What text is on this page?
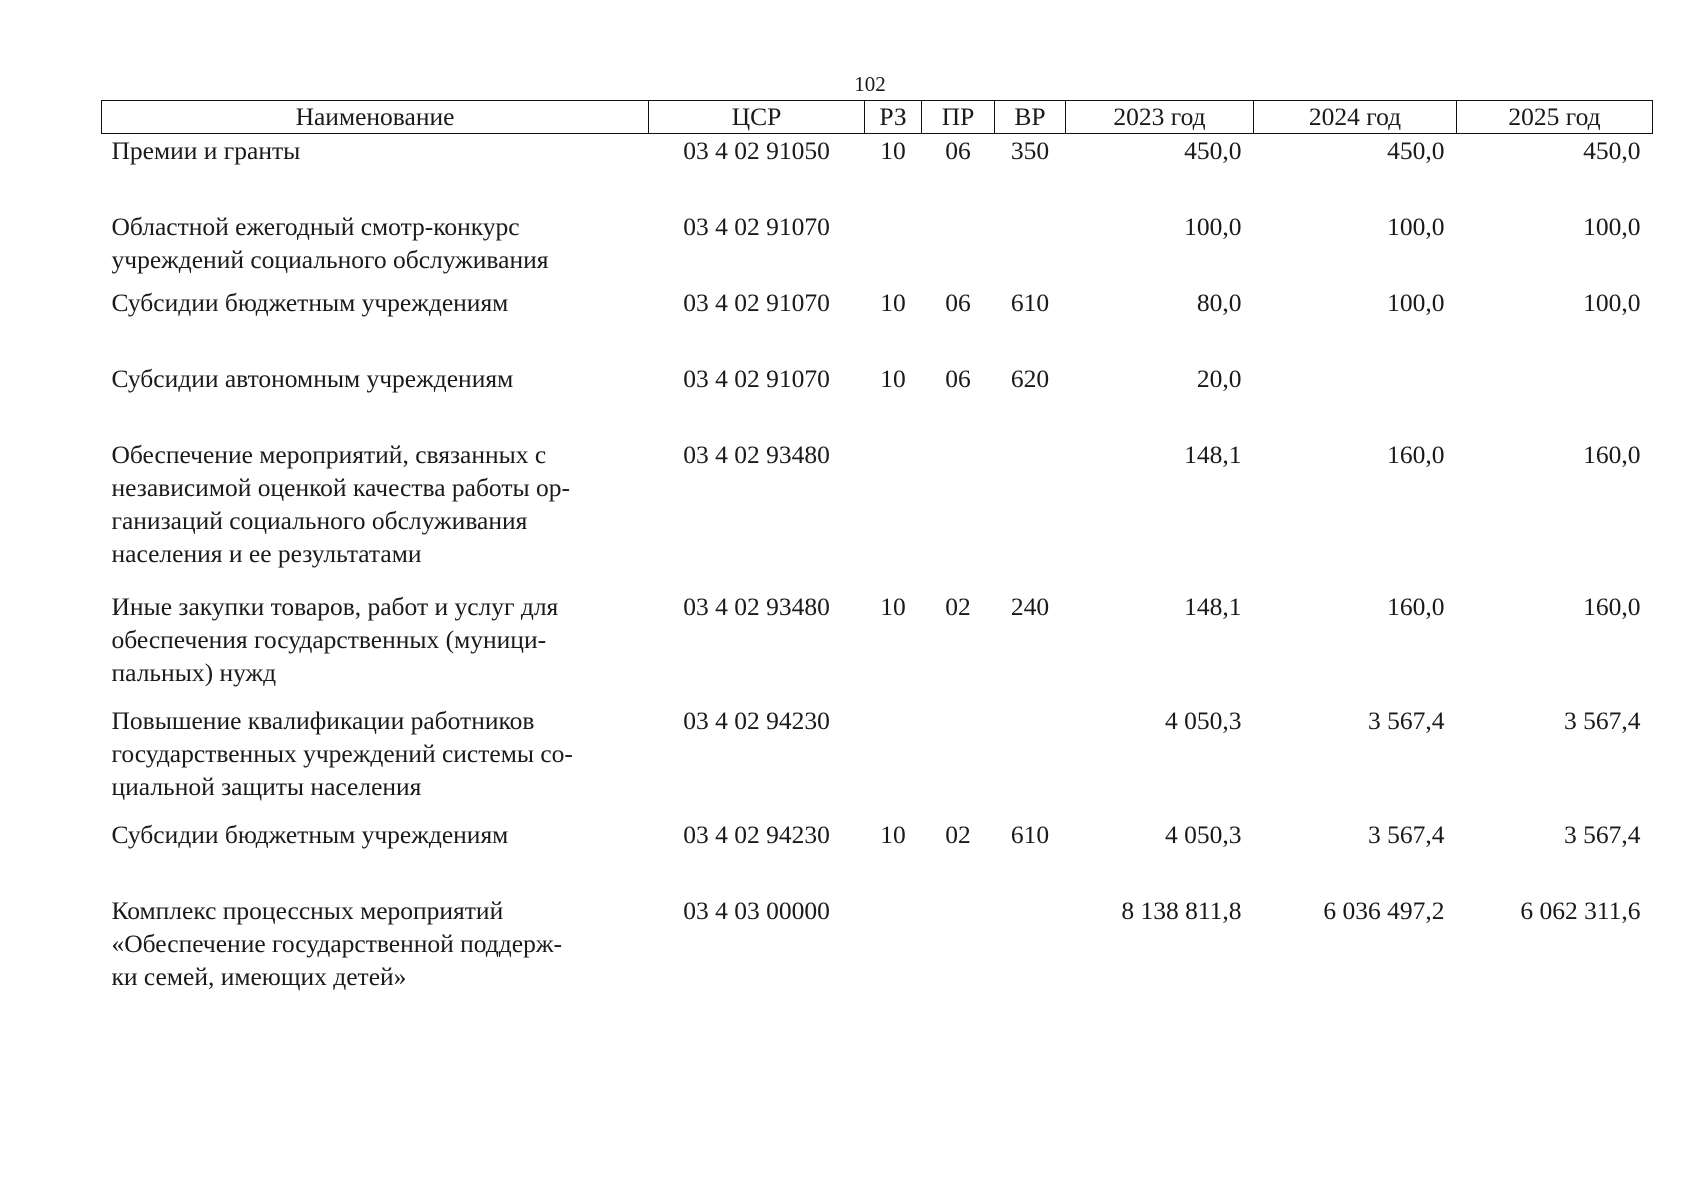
102
Наименование	ЦСР	РЗ	ПР	ВР	2023 год	2024 год	2025 год

Премии и гранты	03 4 02 91050	10	06	350	450,0	450,0	450,0

Областной ежегодный смотр-конкурс
учреждений социального обслуживания	03 4 02 91070				100,0	100,0	100,0

Субсидии бюджетным учреждениям	03 4 02 91070	10	06	610	80,0	100,0	100,0

Субсидии автономным учреждениям	03 4 02 91070	10	06	620	20,0		

Обеспечение мероприятий, связанных с
независимой оценкой качества работы ор-
ганизаций социального обслуживания
населения и ее результатами	03 4 02 93480				148,1	160,0	160,0

Иные закупки товаров, работ и услуг для
обеспечения государственных (муници-
пальных) нужд	03 4 02 93480	10	02	240	148,1	160,0	160,0

Повышение квалификации работников
государственных учреждений системы со-
циальной защиты населения	03 4 02 94230				4 050,3	3 567,4	3 567,4

Субсидии бюджетным учреждениям	03 4 02 94230	10	02	610	4 050,3	3 567,4	3 567,4

Комплекс процессных мероприятий
«Обеспечение государственной поддерж-
ки семей, имеющих детей»	03 4 03 00000				8 138 811,8	6 036 497,2	6 062 311,6
